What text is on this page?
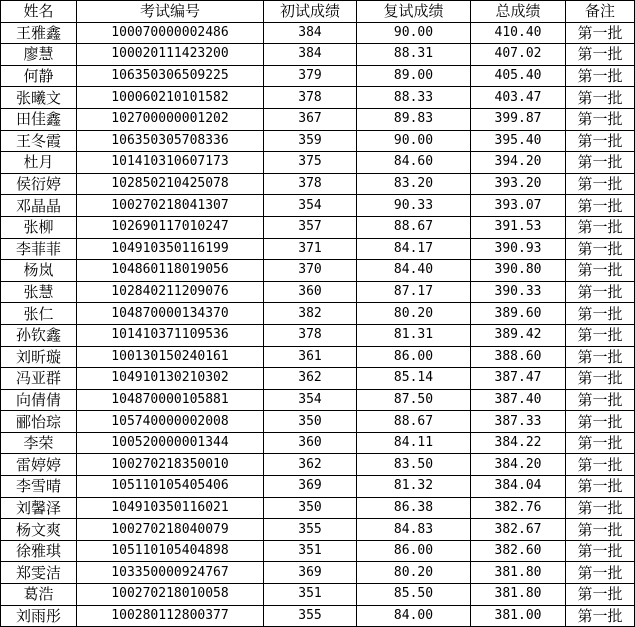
姓名	考试编号	初试成绩	复试成绩	总成绩	备注
王雅鑫	100070000002486	384	90.00	410.40	第一批
廖慧	100020111423200	384	88.31	407.02	第一批
何静	106350306509225	379	89.00	405.40	第一批
张曦文	100060210101582	378	88.33	403.47	第一批
田佳鑫	102700000001202	367	89.83	399.87	第一批
王冬霞	106350305708336	359	90.00	395.40	第一批
杜月	101410310607173	375	84.60	394.20	第一批
侯衍婷	102850210425078	378	83.20	393.20	第一批
邓晶晶	100270218041307	354	90.33	393.07	第一批
张柳	102690117010247	357	88.67	391.53	第一批
李菲菲	104910350116199	371	84.17	390.93	第一批
杨岚	104860118019056	370	84.40	390.80	第一批
张慧	102840211209076	360	87.17	390.33	第一批
张仁	104870000134370	382	80.20	389.60	第一批
孙钦鑫	101410371109536	378	81.31	389.42	第一批
刘昕璇	100130150240161	361	86.00	388.60	第一批
冯亚群	104910130210302	362	85.14	387.47	第一批
向倩倩	104870000105881	354	87.50	387.40	第一批
郦怡琮	105740000002008	350	88.67	387.33	第一批
李荣	100520000001344	360	84.11	384.22	第一批
雷婷婷	100270218350010	362	83.50	384.20	第一批
李雪晴	105110105405406	369	81.32	384.04	第一批
刘馨泽	104910350116021	350	86.38	382.76	第一批
杨文爽	100270218040079	355	84.83	382.67	第一批
徐雅琪	105110105404898	351	86.00	382.60	第一批
郑雯洁	103350000924767	369	80.20	381.80	第一批
葛浩	100270218010058	351	85.50	381.80	第一批
刘雨彤	100280112800377	355	84.00	381.00	第一批
